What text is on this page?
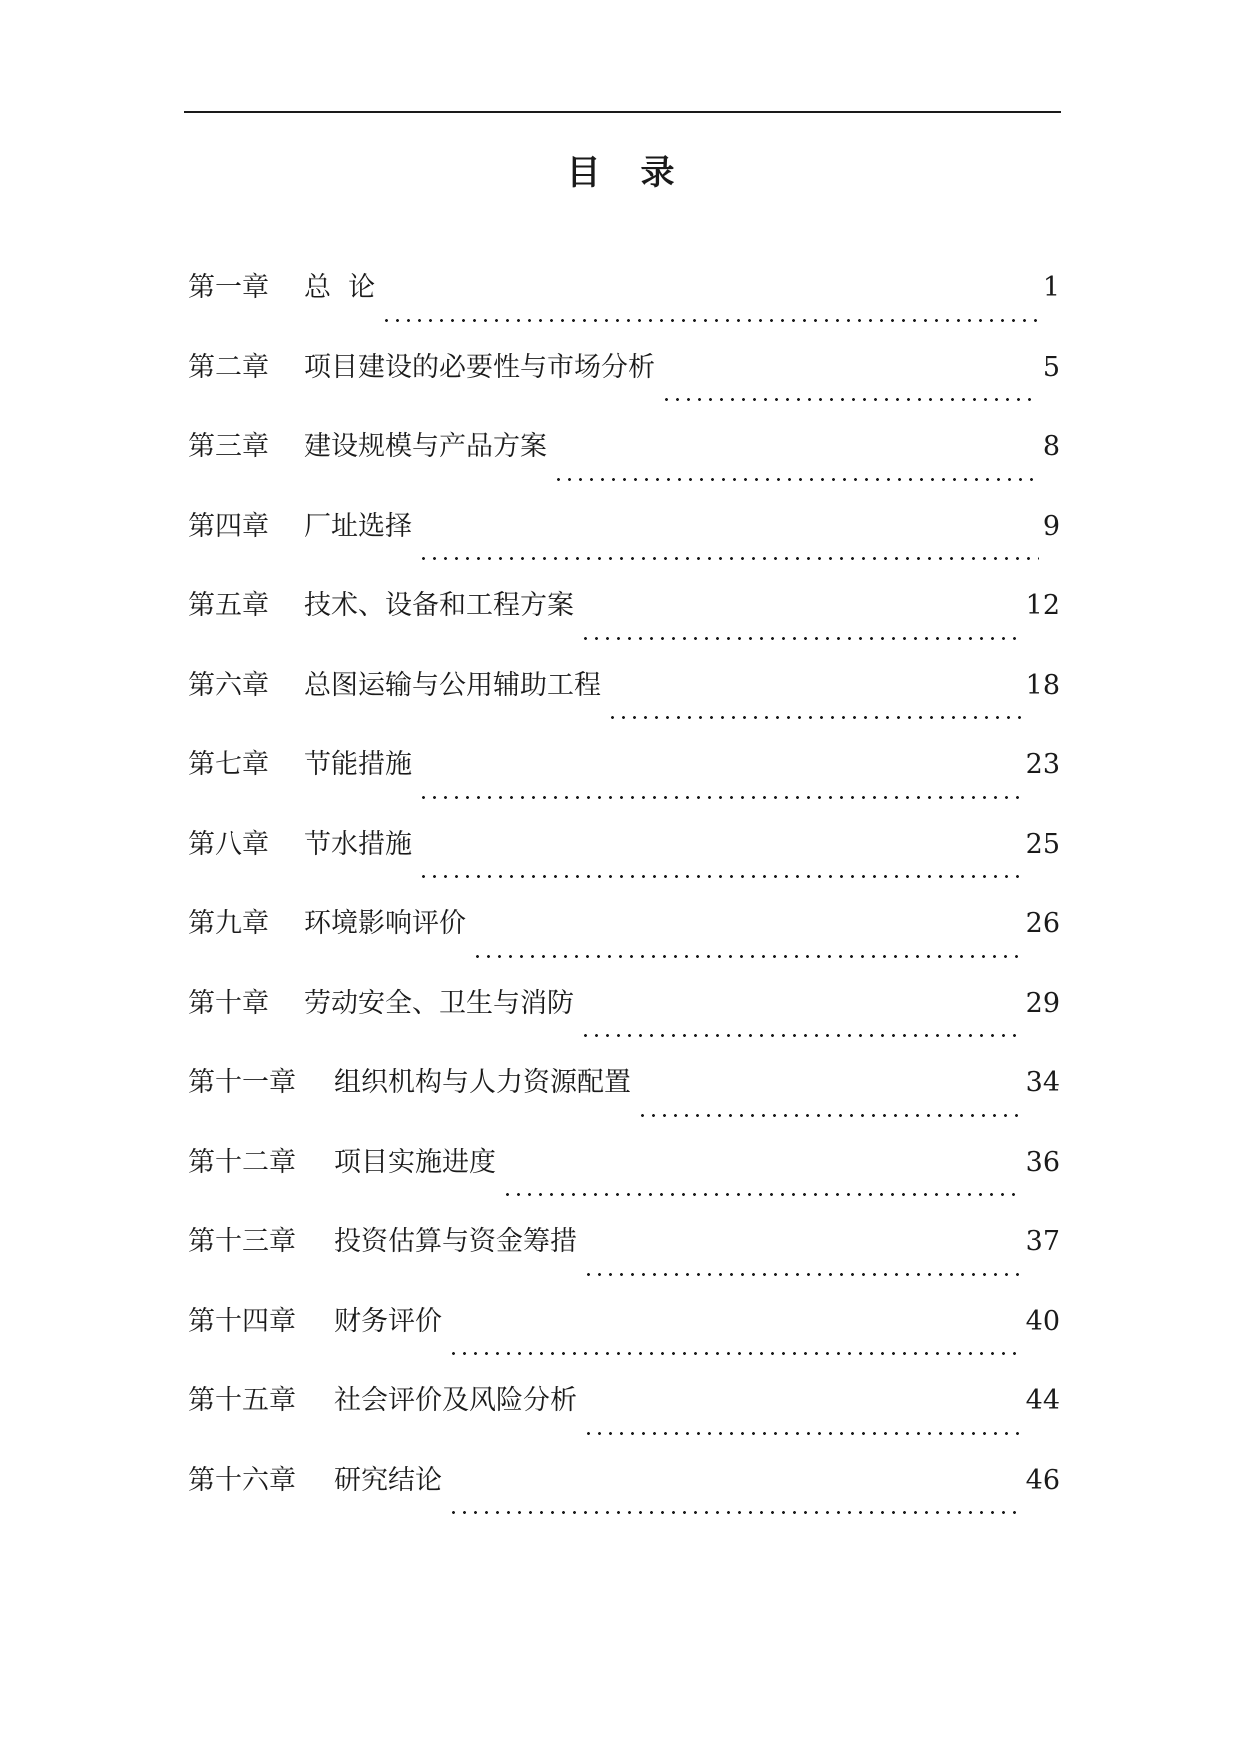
目录
第一章	总  论	1
第二章	项目建设的必要性与市场分析	5
第三章	建设规模与产品方案	8
第四章	厂址选择	9
第五章	技术、设备和工程方案	12
第六章	总图运输与公用辅助工程	18
第七章	节能措施	23
第八章	节水措施	25
第九章	环境影响评价	26
第十章	劳动安全、卫生与消防	29
第十一章	组织机构与人力资源配置	34
第十二章	项目实施进度	36
第十三章	投资估算与资金筹措	37
第十四章	财务评价	40
第十五章	社会评价及风险分析	44
第十六章	研究结论	46
